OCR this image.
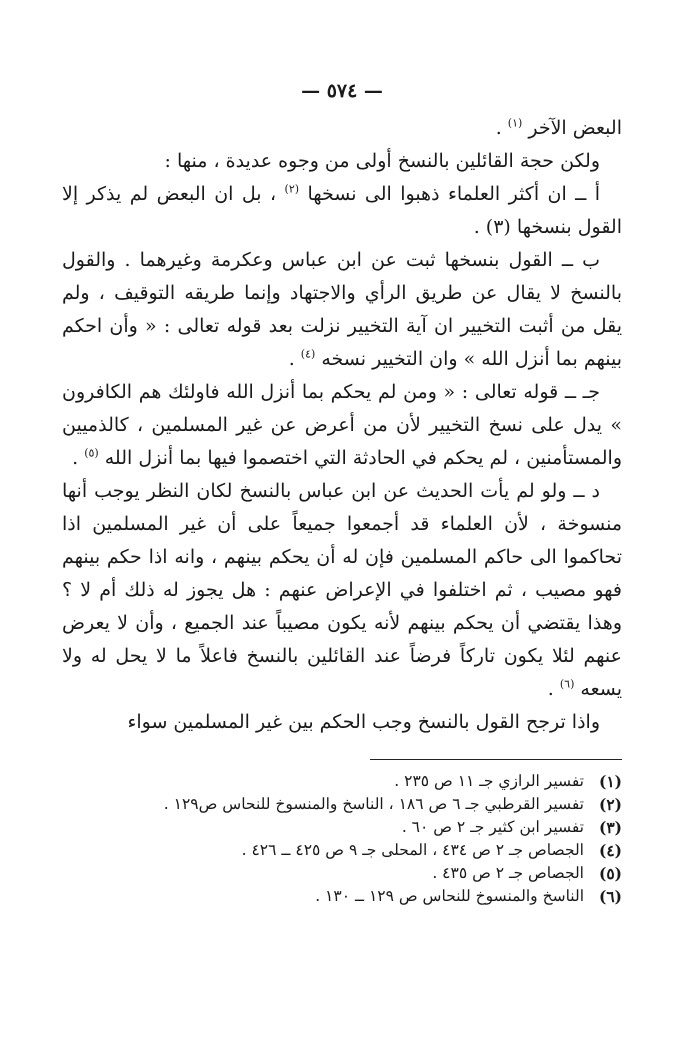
— ٥٧٤ —

البعض الآخر $^{(١)}$ .

ولكن حجة القائلين بالنسخ أولى من وجوه عديدة ، منها :

أ ــ ان أكثر العلماء ذهبوا الى نسخها $^{(٢)}$ ، بل ان البعض لم يذكر إلا القول بنسخها (٣) .

ب ــ القول بنسخها ثبت عن ابن عباس وعكرمة وغيرهما . والقول بالنسخ لا يقال عن طريق الرأي والاجتهاد وإنما طريقه التوقيف ، ولم يقل من أثبت التخيير ان آية التخيير نزلت بعد قوله تعالى : « وأن احكم بينهم بما أنزل الله » وان التخيير نسخه $^{(٤)}$ .

جـ ــ قوله تعالى : « ومن لم يحكم بما أنزل الله فاولئك هم الكافرون » يدل على نسخ التخيير لأن من أعرض عن غير المسلمين ، كالذميين والمستأمنين ، لم يحكم في الحادثة التي اختصموا فيها بما أنزل الله $^{(٥)}$ .

د ــ ولو لم يأت الحديث عن ابن عباس بالنسخ لكان النظر يوجب أنها منسوخة ، لأن العلماء قد أجمعوا جميعاً على أن غير المسلمين اذا تحاكموا الى حاكم المسلمين فإن له أن يحكم بينهم ، وانه اذا حكم بينهم فهو مصيب ، ثم اختلفوا في الإعراض عنهم : هل يجوز له ذلك أم لا ؟ وهذا يقتضي أن يحكم بينهم لأنه يكون مصيباً عند الجميع ، وأن لا يعرض عنهم لئلا يكون تاركاً فرضاً عند القائلين بالنسخ فاعلاً ما لا يحل له ولا يسعه $^{(٦)}$ .

واذا ترجح القول بالنسخ وجب الحكم بين غير المسلمين سواء

(١)
تفسير الرازي جـ ١١ ص ٢٣٥ .
(٢)
تفسير القرطبي جـ ٦ ص ١٨٦ ، الناسخ والمنسوخ للنحاس ص١٢٩ .
(٣)
تفسير ابن كثير جـ ٢ ص ٦٠ .
(٤)
الجصاص جـ ٢ ص ٤٣٤ ، المحلى جـ ٩ ص ٤٢٥ ــ ٤٢٦ .
(٥)
الجصاص جـ ٢ ص ٤٣٥ .
(٦)
الناسخ والمنسوخ للنحاس ص ١٢٩ ــ ١٣٠ .
